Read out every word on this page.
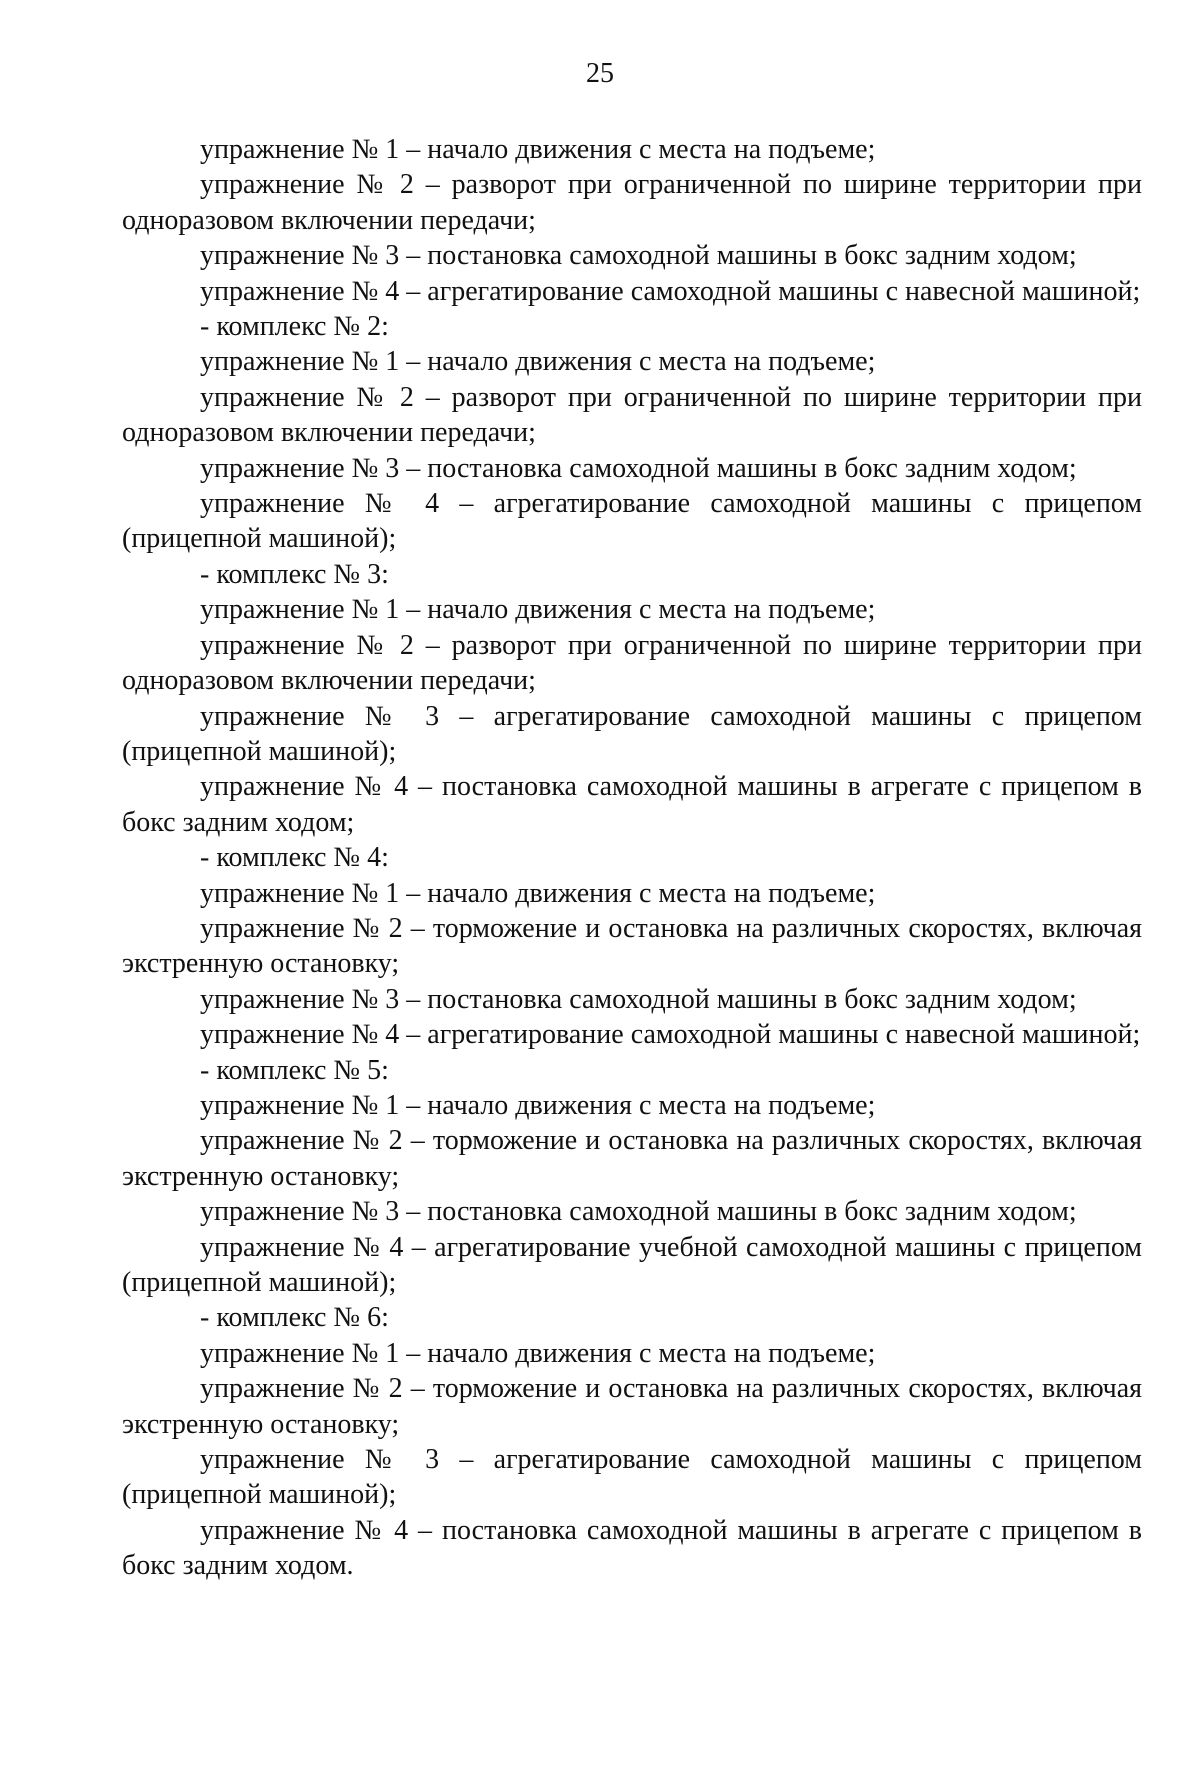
25

упражнение № 1 – начало движения с места на подъеме;

упражнение № 2 – разворот при ограниченной по ширине территории при одноразовом включении передачи;

упражнение № 3 – постановка самоходной машины в бокс задним ходом;

упражнение № 4 – агрегатирование самоходной машины с навесной машиной;

- комплекс № 2:

упражнение № 1 – начало движения с места на подъеме;

упражнение № 2 – разворот при ограниченной по ширине территории при одноразовом включении передачи;

упражнение № 3 – постановка самоходной машины в бокс задним ходом;

упражнение № 4 – агрегатирование самоходной машины с прицепом (прицепной машиной);

- комплекс № 3:

упражнение № 1 – начало движения с места на подъеме;

упражнение № 2 – разворот при ограниченной по ширине территории при одноразовом включении передачи;

упражнение № 3 – агрегатирование самоходной машины с прицепом (прицепной машиной);

упражнение № 4 – постановка самоходной машины в агрегате с прицепом в бокс задним ходом;

- комплекс № 4:

упражнение № 1 – начало движения с места на подъеме;

упражнение № 2 – торможение и остановка на различных скоростях, включая экстренную остановку;

упражнение № 3 – постановка самоходной машины в бокс задним ходом;

упражнение № 4 – агрегатирование самоходной машины с навесной машиной;

- комплекс № 5:

упражнение № 1 – начало движения с места на подъеме;

упражнение № 2 – торможение и остановка на различных скоростях, включая экстренную остановку;

упражнение № 3 – постановка самоходной машины в бокс задним ходом;

упражнение № 4 – агрегатирование учебной самоходной машины с прицепом (прицепной машиной);

- комплекс № 6:

упражнение № 1 – начало движения с места на подъеме;

упражнение № 2 – торможение и остановка на различных скоростях, включая экстренную остановку;

упражнение № 3 – агрегатирование самоходной машины с прицепом (прицепной машиной);

упражнение № 4 – постановка самоходной машины в агрегате с прицепом в бокс задним ходом.
